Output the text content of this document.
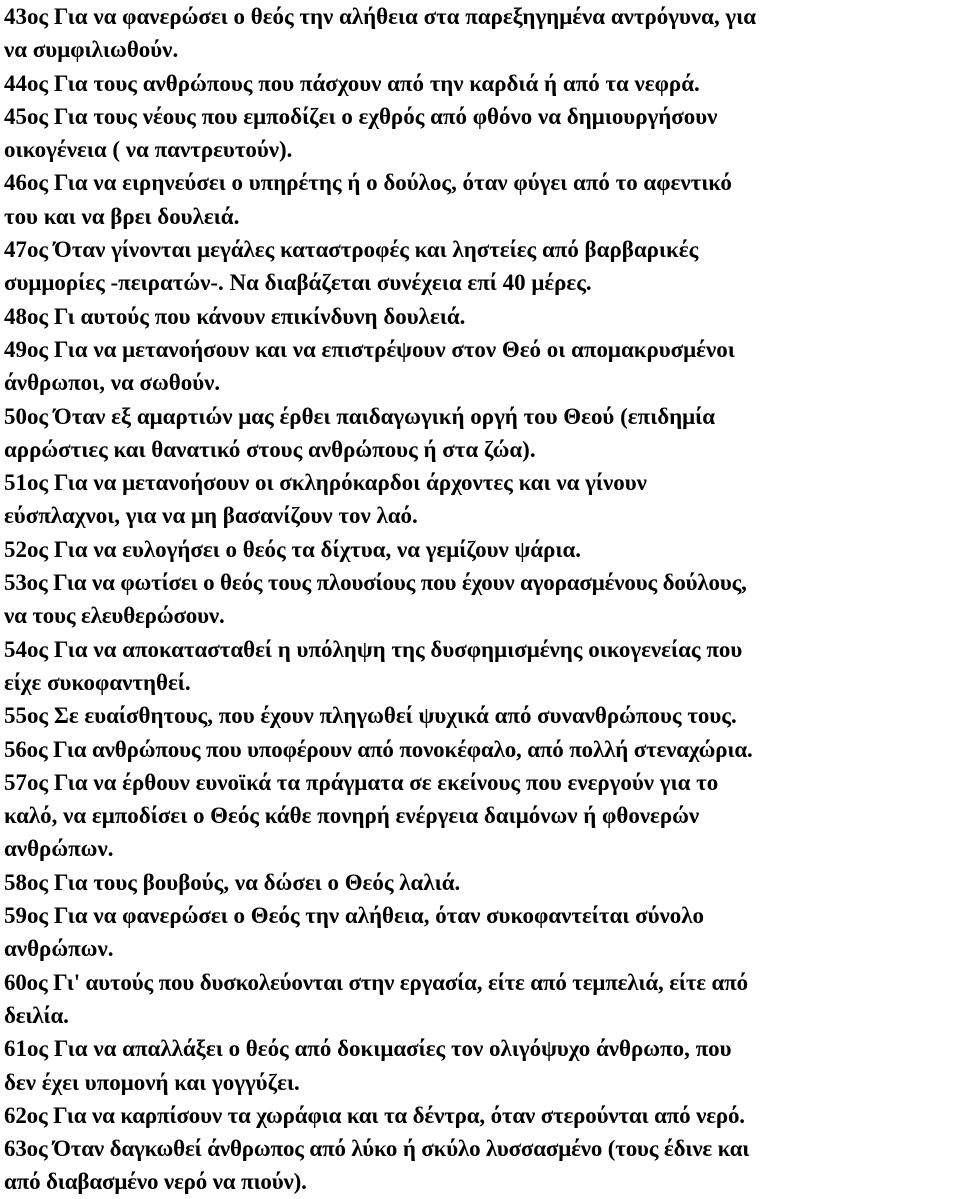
43ος Για να φανερώσει ο θεός την αλήθεια στα παρεξηγημένα αντρόγυνα, για
να συμφιλιωθούν.
44ος Για τους ανθρώπους που πάσχουν από την καρδιά ή από τα νεφρά.
45ος Για τους νέους που εμποδίζει ο εχθρός από φθόνο να δημιουργήσουν
οικογένεια ( να παντρευτούν).
46ος Για να ειρηνεύσει ο υπηρέτης ή ο δούλος, όταν φύγει από το αφεντικό
του και να βρει δουλειά.
47ος Όταν γίνονται μεγάλες καταστροφές και ληστείες από βαρβαρικές
συμμορίες -πειρατών-. Να διαβάζεται συνέχεια επί 40 μέρες.
48ος Γι αυτούς που κάνουν επικίνδυνη δουλειά.
49ος Για να μετανοήσουν και να επιστρέψουν στον Θεό οι απομακρυσμένοι
άνθρωποι, να σωθούν.
50ος Όταν εξ αμαρτιών μας έρθει παιδαγωγική οργή του Θεού (επιδημία
αρρώστιες και θανατικό στους ανθρώπους ή στα ζώα).
51ος Για να μετανοήσουν οι σκληρόκαρδοι άρχοντες και να γίνουν
εύσπλαχνοι, για να μη βασανίζουν τον λαό.
52ος Για να ευλογήσει ο θεός τα δίχτυα, να γεμίζουν ψάρια.
53ος Για να φωτίσει ο θεός τους πλουσίους που έχουν αγορασμένους δούλους,
να τους ελευθερώσουν.
54ος Για να αποκατασταθεί η υπόληψη της δυσφημισμένης οικογενείας που
είχε συκοφαντηθεί.
55ος Σε ευαίσθητους, που έχουν πληγωθεί ψυχικά από συνανθρώπους τους.
56ος Για ανθρώπους που υποφέρουν από πονοκέφαλο, από πολλή στεναχώρια.
57ος Για να έρθουν ευνοϊκά τα πράγματα σε εκείνους που ενεργούν για το
καλό, να εμποδίσει ο Θεός κάθε πονηρή ενέργεια δαιμόνων ή φθονερών
ανθρώπων.
58ος Για τους βουβούς, να δώσει ο Θεός λαλιά.
59ος Για να φανερώσει ο Θεός την αλήθεια, όταν συκοφαντείται σύνολο
ανθρώπων.
60ος Γι' αυτούς που δυσκολεύονται στην εργασία, είτε από τεμπελιά, είτε από
δειλία.
61ος Για να απαλλάξει ο θεός από δοκιμασίες τον ολιγόψυχο άνθρωπο, που
δεν έχει υπομονή και γογγύζει.
62ος Για να καρπίσουν τα χωράφια και τα δέντρα, όταν στερούνται από νερό.
63ος Όταν δαγκωθεί άνθρωπος από λύκο ή σκύλο λυσσασμένο (τους έδινε και
από διαβασμένο νερό να πιούν).
